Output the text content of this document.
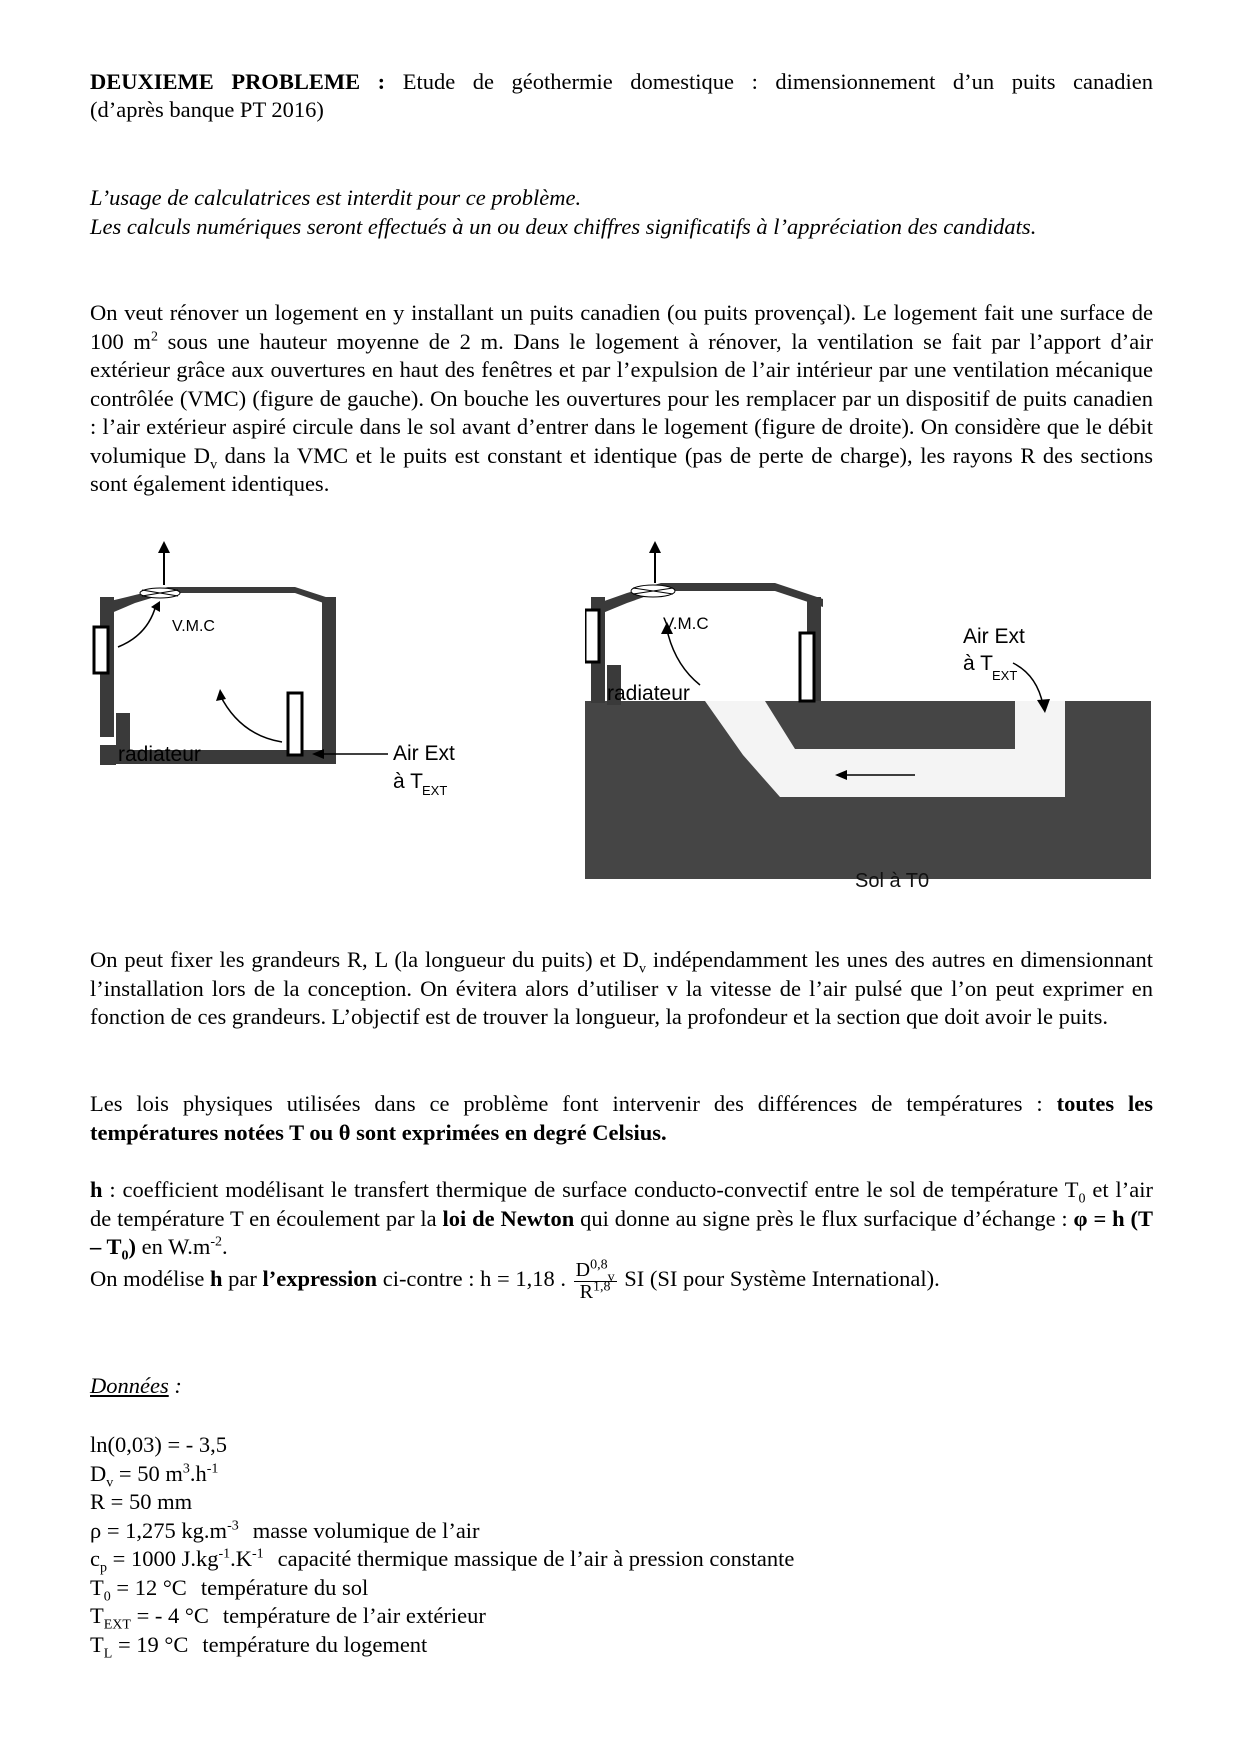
DEUXIEME PROBLEME : Etude de géothermie domestique : dimensionnement d’un puits canadien
(d’après banque PT 2016)
L’usage de calculatrices est interdit pour ce problème.
Les calculs numériques seront effectués à un ou deux chiffres significatifs à l’appréciation des candidats.
On veut rénover un logement en y installant un puits canadien (ou puits provençal). Le logement fait une surface de 100 $m^2$ sous une hauteur moyenne de 2 m. Dans le logement à rénover, la ventilation se fait par l’apport d’air extérieur grâce aux ouvertures en haut des fenêtres et par l’expulsion de l’air intérieur par une ventilation mécanique contrôlée (VMC) (figure de gauche). On bouche les ouvertures pour les remplacer par un dispositif de puits canadien : l’air extérieur aspiré circule dans le sol avant d’entrer dans le logement (figure de droite). On considère que le débit volumique $D_v$ dans la VMC et le puits est constant et identique (pas de perte de charge), les rayons R des sections sont également identiques.
V.M.C
radiateur	Air Ext
à T EXT
V.M.C
radiateur
Air Ext
à T
EXT
Sol à T0
On peut fixer les grandeurs R, L (la longueur du puits) et $D_v$ indépendamment les unes des autres en dimensionnant l’installation lors de la conception. On évitera alors d’utiliser v la vitesse de l’air pulsé que l’on peut exprimer en fonction de ces grandeurs. L’objectif est de trouver la longueur, la profondeur et la section que doit avoir le puits.
Les lois physiques utilisées dans ce problème font intervenir des différences de températures : toutes les températures notées T ou θ sont exprimées en degré Celsius.
h : coefficient modélisant le transfert thermique de surface conducto-convectif entre le sol de température $T_0$ et l’air de température T en écoulement par la loi de Newton qui donne au signe près le flux surfacique d’échange : φ = h $(T - T_0)$ en $W.m^{-2}$.
On modélise h par l’expression ci-contre : h = 1,18 . $\frac{D^{0,8}_v}{R^{1,8}}$ SI (SI pour Système International).
Données :
ln(0,03) = - 3,5
$D_v = 50$ $m^3.h^{-1}$
R = 50 mm
ρ = 1,275 $kg.m^{-3}$ masse volumique de l’air
$c_p = 1000$ $J.kg^{-1}.K^{-1}$ capacité thermique massique de l’air à pression constante
$T_0 = 12$ °C température du sol
$T_{EXT}$ = - 4 °C température de l’air extérieur
$T_L = 19$ °C température du logement
